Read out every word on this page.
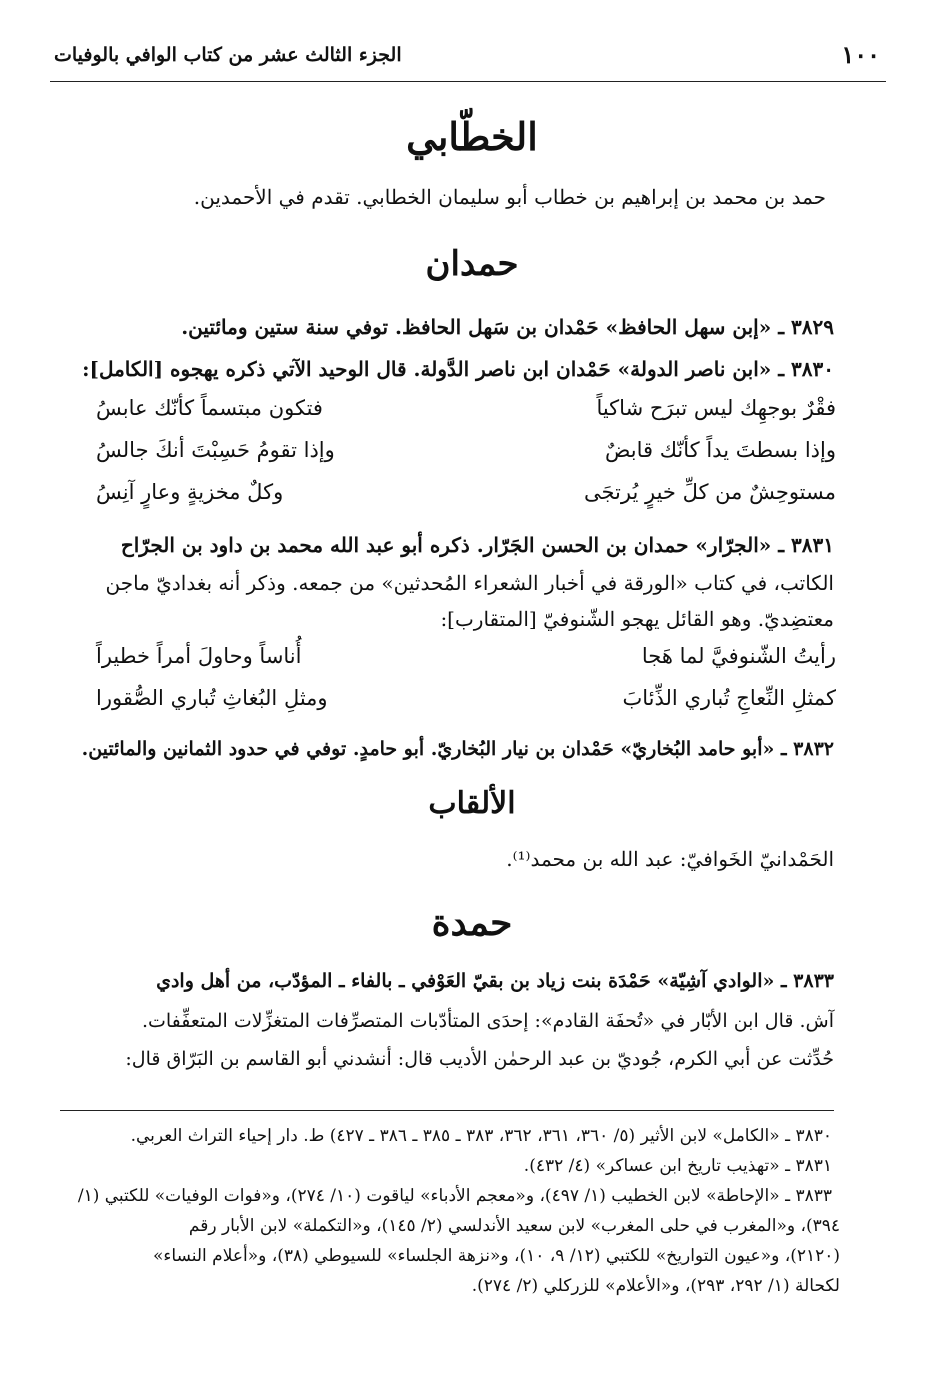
١٠٠
الجزء الثالث عشر من كتاب الوافي بالوفيات
الخطّابي
حمد بن محمد بن إبراهيم بن خطاب أبو سليمان الخطابي. تقدم في الأحمدين.
حمدان
٣٨٢٩ ـ «إبن سهل الحافظ» حَمْدان بن سَهل الحافظ. توفي سنة ستين ومائتين.
٣٨٣٠ ـ «ابن ناصر الدولة» حَمْدان ابن ناصر الدَّولة. قال الوحيد الآتي ذكره يهجوه [الكامل]:
فقْرٌ بوجهِك ليس تبرَح شاكياً
فتكون مبتسماً كأنّك عابسُ
وإذا بسطتَ يداً كأنّك قابضٌ
وإذا تقومُ حَسِبْتَ أنكَ جالسُ
مستوحِشٌ من كلِّ خيرٍ يُرتجَى
وكلٌ مخزيةٍ وعارٍ آنِسُ
٣٨٣١ ـ «الجرّار» حمدان بن الحسن الجَرّار. ذكره أبو عبد الله محمد بن داود بن الجرّاح
الكاتب، في كتاب «الورقة في أخبار الشعراء المُحدثين» من جمعه. وذكر أنه بغداديّ ماجن
معتضِديّ. وهو القائل يهجو الشّنوفيّ [المتقارب]:
رأيتُ الشّنوفيَّ لما هَجا
أُناساً وحاولَ أمراً خطيراً
كمثلِ النِّعاجِ تُباري الذِّئابَ
ومثلِ البُغاثِ تُباري الصُّقورا
٣٨٣٢ ـ «أبو حامد البُخاريّ» حَمْدان بن نيار البُخاريّ. أبو حامدٍ. توفي في حدود الثمانين والمائتين.
الألقاب
الحَمْدانيّ الخَوافيّ: عبد الله بن محمد⁽¹⁾.
حمدة
٣٨٣٣ ـ «الوادي آشِيّة» حَمْدَة بنت زياد بن بقيّ العَوْفي ـ بالفاء ـ المؤدّب، من أهل وادي
آش. قال ابن الأبّار في «تُحفَة القادم»: إحدَى المتأدّبات المتصرِّفات المتغزِّلات المتعفِّفات.
حُدِّثت عن أبي الكرم، جُوديّ بن عبد الرحمٰن الأديب قال: أنشدني أبو القاسم بن البَرّاق قال:
٣٨٣٠ ـ «الكامل» لابن الأثير (٥/ ٣٦٠، ٣٦١، ٣٦٢، ٣٨٣ ـ ٣٨٥ ـ ٣٨٦ ـ ٤٢٧) ط. دار إحياء التراث العربي.
٣٨٣١ ـ «تهذيب تاريخ ابن عساكر» (٤/ ٤٣٢).
٣٨٣٣ ـ «الإحاطة» لابن الخطيب (١/ ٤٩٧)، و«معجم الأدباء» لياقوت (١٠/ ٢٧٤)، و«فوات الوفيات» للكتبي (١/
٣٩٤)، و«المغرب في حلى المغرب» لابن سعيد الأندلسي (٢/ ١٤٥)، و«التكملة» لابن الأبار رقم
(٢١٢٠)، و«عيون التواريخ» للكتبي (١٢/ ٩، ١٠)، و«نزهة الجلساء» للسيوطي (٣٨)، و«أعلام النساء»
لكحالة (١/ ٢٩٢، ٢٩٣)، و«الأعلام» للزركلي (٢/ ٢٧٤).
